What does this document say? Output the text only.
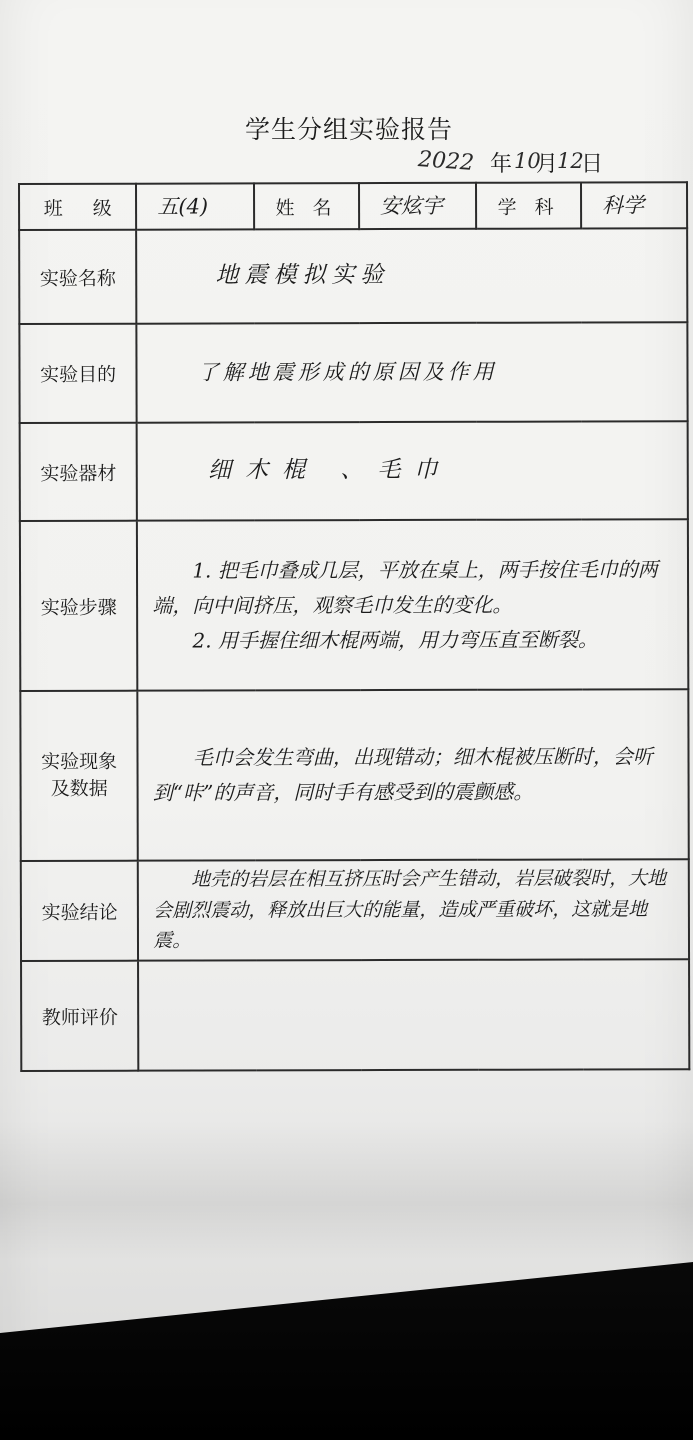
学生分组实验报告
2022 年 10
月
12
日
班 级	五(4)	姓 名	安炫宇	学 科	科学
实验名称	地震模拟实验				
实验目的	了解地震形成的原因及作用				
实验器材	细木棍 、毛巾				
实验步骤	1. 把毛巾叠成几层，平放在桌上，两手按住毛巾的两端，向中间挤压，观察毛巾发生的变化。
2. 用手握住细木棍两端，用力弯压直至断裂。				

实验现象
及数据	毛巾会发生弯曲，出现错动；细木棍被压断时，会听到“咔”的声音，同时手有感受到的震颤感。				

实验结论	地壳的岩层在相互挤压时会产生错动，岩层破裂时，大地会剧烈震动，释放出巨大的能量，造成严重破坏，这就是地震。				

教师评价					
